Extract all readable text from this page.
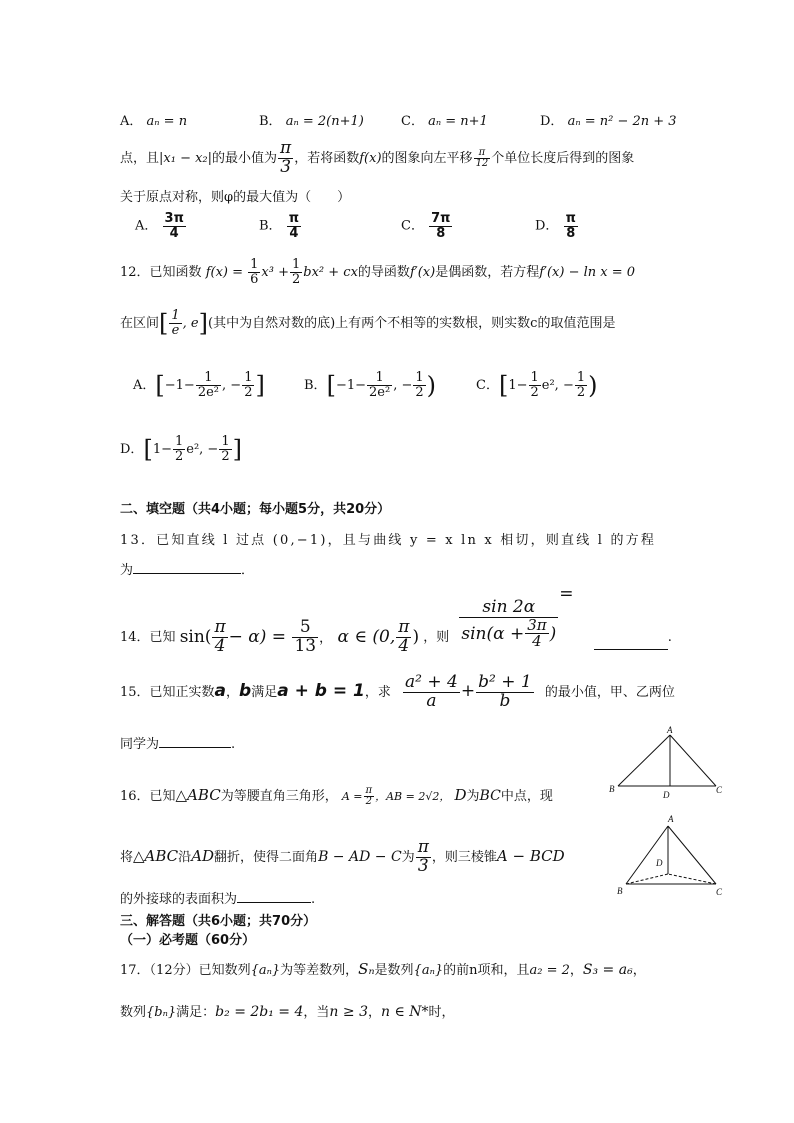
A． aₙ = n	B． aₙ = 2(n+1)	C． aₙ = n+1	D． aₙ = n² − 2n + 3
点，且|x₁ − x₂|的最小值为 $\frac{\pi}{3}$ ，若将函数f(x)的图象向左平移 $\frac{\pi}{12}$ 个单位长度后得到的图象
关于原点对称，则φ的最大值为（　　）
A． $\frac{3\pi}{4}$	B． $\frac{\pi}{4}$	C． $\frac{7\pi}{8}$	D． $\frac{\pi}{8}$
12．已知函数 $f(x) = \frac{1}{6} x^3 + \frac{1}{2} bx^2$ + cx的导函数f′(x)是偶函数，若方程f′(x) − ln x = 0
在区间[ $\frac{1}{e}$ , e](其中为自然对数的底)上有两个不相等的实数根，则实数c的取值范围是
A．[$-1- \frac{1}{\text{2e²}}$ , − $\frac{1}{2}$ ]	B．[$-1- \frac{1}{\text{2e²}}$ , − $\frac{1}{2}$ )	C．[$1- \frac{1}{2} e^2$, − $\frac{1}{2}$ )
D．[$1- \frac{1}{2} e^2$, − $\frac{1}{2}$ ]
二、填空题（共4小题；每小题5分，共20分）
13．已知直线 l 过点 (0,−1)，且与曲线 y = x ln x 相切，则直线 l 的方程
为	．
14．已知 $\sin( \frac{\pi}{4} - \alpha) = \frac{5}{13}$ ， α ∈ (0, $\frac{\pi}{4}$ ) ，则 $\frac{\sin 2\alpha}{\sin(\alpha + \frac{3\pi}{4} )}$
= .
15．已知正实数a，b满足a + b = 1，求 $\frac{\text{a² + 4}}{a} + \frac{\text{b² + 1}}{b}$ 的最小值，甲、乙两位
同学为	.
A
B	C
D
16．已知△ABC为等腰直角三角形， $A = \frac{\pi}{2}$ ，AB = 2√2， D为BC中点，现
将△ABC沿AD翻折，使得二面角B − AD − C为 $\frac{\pi}{3}$ ，则三棱锥A − BCD
的外接球的表面积为	.
A
B	C
D
三、解答题（共6小题；共70分）
（一）必考题（60分）
17．（12分）已知数列{aₙ}为等差数列，Sₙ是数列{aₙ}的前n项和，且a₂ = 2，S₃ = a₆，
数列{bₙ}满足：b₂ = 2b₁ = 4，当n ≥ 3，n ∈ N*时，
